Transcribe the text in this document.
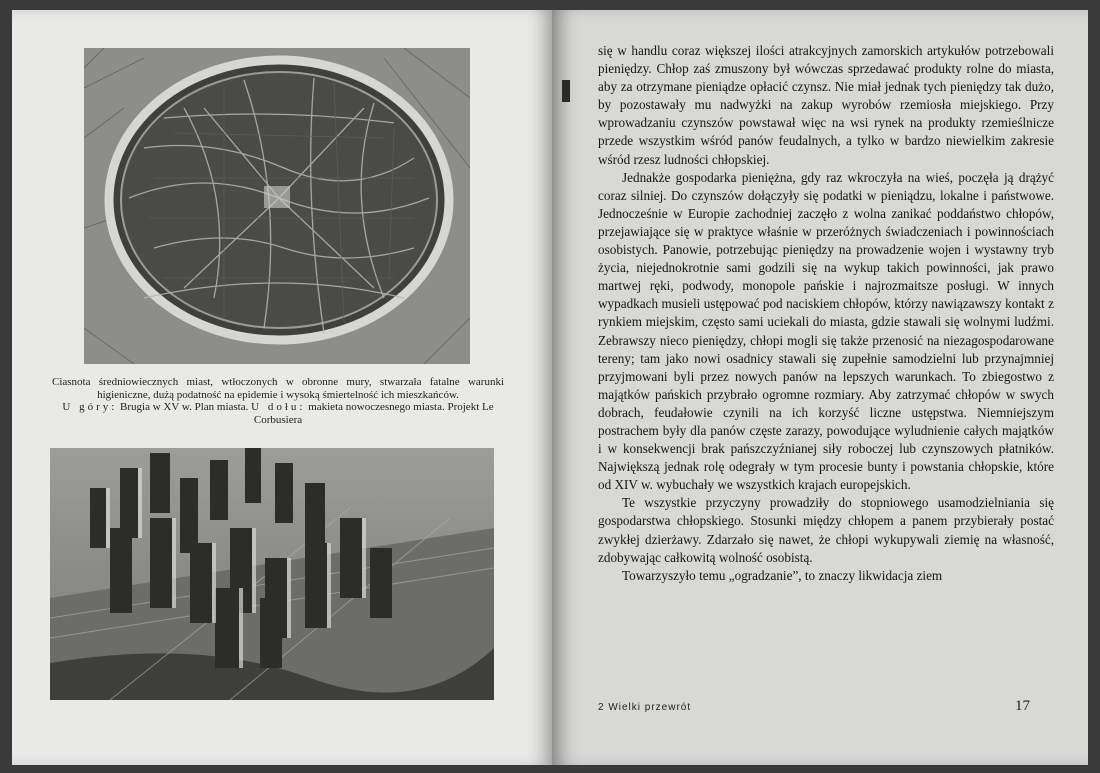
Ciasnota średniowiecznych miast, wtłoczonych w obronne mury, stwarzała fatalne warunki higieniczne, dużą podatność na epidemie i wysoką śmiertelność ich mieszkańców.

U góry: Brugia w XV w. Plan miasta. U dołu: makieta nowoczesnego miasta. Projekt Le Corbusiera

się w handlu coraz większej ilości atrakcyjnych zamorskich artykułów potrzebowali pieniędzy. Chłop zaś zmuszony był wówczas sprzedawać produkty rolne do miasta, aby za otrzymane pieniądze opłacić czynsz. Nie miał jednak tych pieniędzy tak dużo, by pozostawały mu nadwyżki na zakup wyrobów rzemiosła miejskiego. Przy wprowadzaniu czynszów powstawał więc na wsi rynek na produkty rzemieślnicze przede wszystkim wśród panów feudalnych, a tylko w bardzo niewielkim zakresie wśród rzesz ludności chłopskiej.

Jednakże gospodarka pieniężna, gdy raz wkroczyła na wieś, poczęła ją drążyć coraz silniej. Do czynszów dołączyły się podatki w pieniądzu, lokalne i państwowe. Jednocześnie w Europie zachodniej zaczęło z wolna zanikać poddaństwo chłopów, przejawiające się w praktyce właśnie w przeróżnych świadczeniach i powinnościach osobistych. Panowie, potrzebując pieniędzy na prowadzenie wojen i wystawny tryb życia, niejednokrotnie sami godzili się na wykup takich powinności, jak prawo martwej ręki, podwody, monopole pańskie i najrozmaitsze posługi. W innych wypadkach musieli ustępować pod naciskiem chłopów, którzy nawiązawszy kontakt z rynkiem miejskim, często sami uciekali do miasta, gdzie stawali się wolnymi ludźmi. Zebrawszy nieco pieniędzy, chłopi mogli się także przenosić na niezagospodarowane tereny; tam jako nowi osadnicy stawali się zupełnie samodzielni lub przynajmniej przyjmowani byli przez nowych panów na lepszych warunkach. To zbiegostwo z majątków pańskich przybrało ogromne rozmiary. Aby zatrzymać chłopów w swych dobrach, feudałowie czynili na ich korzyść liczne ustępstwa. Niemniejszym postrachem były dla panów częste zarazy, powodujące wyludnienie całych majątków i w konsekwencji brak pańszczyźnianej siły roboczej lub czynszowych płatników. Największą jednak rolę odegrały w tym procesie bunty i powstania chłopskie, które od XIV w. wybuchały we wszystkich krajach europejskich.

Te wszystkie przyczyny prowadziły do stopniowego usamodzielniania się gospodarstwa chłopskiego. Stosunki między chłopem a panem przybierały postać zwykłej dzierżawy. Zdarzało się nawet, że chłopi wykupywali ziemię na własność, zdobywając całkowitą wolność osobistą.

Towarzyszyło temu „ogradzanie”, to znaczy likwidacja ziem

2 Wielki przewrót	17
